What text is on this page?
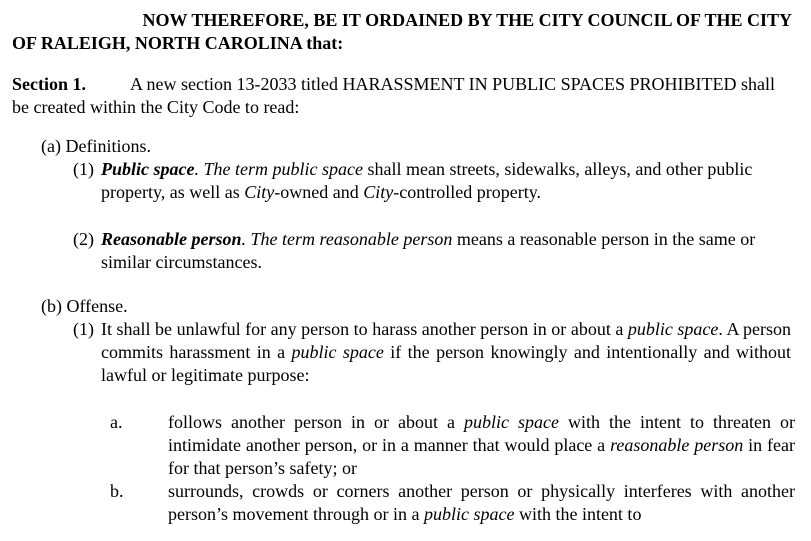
NOW THEREFORE, BE IT ORDAINED BY THE CITY COUNCIL OF THE CITY
OF RALEIGH, NORTH CAROLINA that:
Section 1. A new section 13-2033 titled HARASSMENT IN PUBLIC SPACES PROHIBITED shall be created within the City Code to read:
(a) Definitions.
(1) Public space. The term public space shall mean streets, sidewalks, alleys, and other public property, as well as City-owned and City-controlled property.
(2) Reasonable person. The term reasonable person means a reasonable person in the same or similar circumstances.
(b) Offense.
(1) It shall be unlawful for any person to harass another person in or about a public space. A person commits harassment in a public space if the person knowingly and intentionally and without lawful or legitimate purpose:
a.	follows another person in or about a public space with the intent to threaten or intimidate another person, or in a manner that would place a reasonable person in fear for that person’s safety; or
b.	surrounds, crowds or corners another person or physically interferes with another person’s movement through or in a public space with the intent to
